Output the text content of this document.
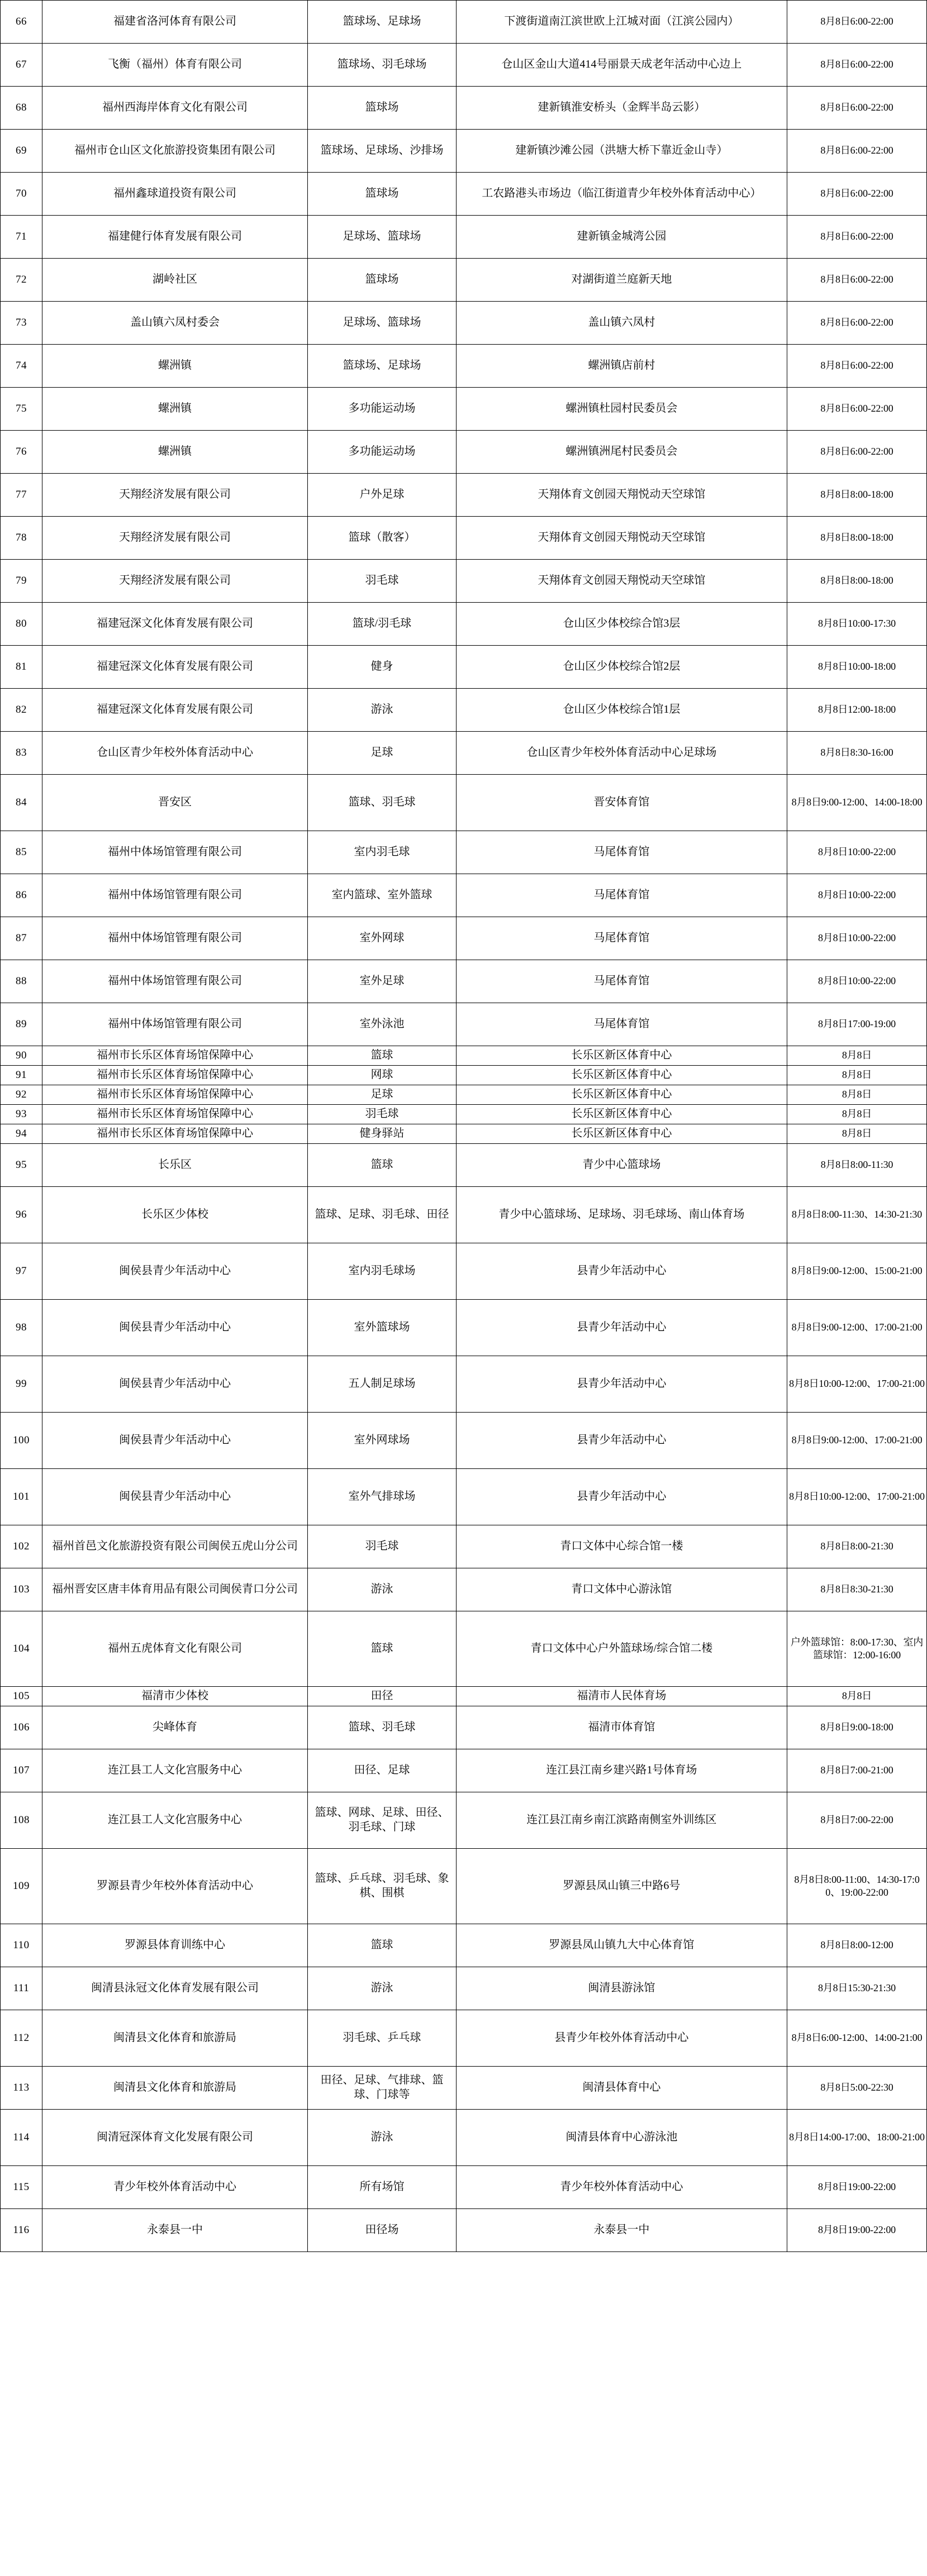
66	福建省洛河体育有限公司	篮球场、足球场	下渡街道南江滨世欧上江城对面（江滨公园内）	8月8日6:00-22:00
67	飞衡（福州）体育有限公司	篮球场、羽毛球场	仓山区金山大道414号丽景天成老年活动中心边上	8月8日6:00-22:00
68	福州西海岸体育文化有限公司	篮球场	建新镇淮安桥头（金辉半岛云影）	8月8日6:00-22:00
69	福州市仓山区文化旅游投资集团有限公司	篮球场、足球场、沙排场	建新镇沙滩公园（洪塘大桥下靠近金山寺）	8月8日6:00-22:00
70	福州鑫球道投资有限公司	篮球场	工农路港头市场边（临江街道青少年校外体育活动中心）	8月8日6:00-22:00
71	福建健行体育发展有限公司	足球场、篮球场	建新镇金城湾公园	8月8日6:00-22:00
72	湖岭社区	篮球场	对湖街道兰庭新天地	8月8日6:00-22:00
73	盖山镇六凤村委会	足球场、篮球场	盖山镇六凤村	8月8日6:00-22:00
74	螺洲镇	篮球场、足球场	螺洲镇店前村	8月8日6:00-22:00
75	螺洲镇	多功能运动场	螺洲镇杜园村民委员会	8月8日6:00-22:00
76	螺洲镇	多功能运动场	螺洲镇洲尾村民委员会	8月8日6:00-22:00
77	天翔经济发展有限公司	户外足球	天翔体育文创园天翔悦动天空球馆	8月8日8:00-18:00
78	天翔经济发展有限公司	篮球（散客）	天翔体育文创园天翔悦动天空球馆	8月8日8:00-18:00
79	天翔经济发展有限公司	羽毛球	天翔体育文创园天翔悦动天空球馆	8月8日8:00-18:00
80	福建冠深文化体育发展有限公司	篮球/羽毛球	仓山区少体校综合馆3层	8月8日10:00-17:30
81	福建冠深文化体育发展有限公司	健身	仓山区少体校综合馆2层	8月8日10:00-18:00
82	福建冠深文化体育发展有限公司	游泳	仓山区少体校综合馆1层	8月8日12:00-18:00
83	仓山区青少年校外体育活动中心	足球	仓山区青少年校外体育活动中心足球场	8月8日8:30-16:00
84	晋安区	篮球、羽毛球	晋安体育馆	8月8日9:00-12:00、14:00-18:00
85	福州中体场馆管理有限公司	室内羽毛球	马尾体育馆	8月8日10:00-22:00
86	福州中体场馆管理有限公司	室内篮球、室外篮球	马尾体育馆	8月8日10:00-22:00
87	福州中体场馆管理有限公司	室外网球	马尾体育馆	8月8日10:00-22:00
88	福州中体场馆管理有限公司	室外足球	马尾体育馆	8月8日10:00-22:00
89	福州中体场馆管理有限公司	室外泳池	马尾体育馆	8月8日17:00-19:00
90	福州市长乐区体育场馆保障中心	篮球	长乐区新区体育中心	8月8日
91	福州市长乐区体育场馆保障中心	网球	长乐区新区体育中心	8月8日
92	福州市长乐区体育场馆保障中心	足球	长乐区新区体育中心	8月8日
93	福州市长乐区体育场馆保障中心	羽毛球	长乐区新区体育中心	8月8日
94	福州市长乐区体育场馆保障中心	健身驿站	长乐区新区体育中心	8月8日
95	长乐区	篮球	青少中心篮球场	8月8日8:00-11:30
96	长乐区少体校	篮球、足球、羽毛球、田径	青少中心篮球场、足球场、羽毛球场、南山体育场	8月8日8:00-11:30、14:30-21:30
97	闽侯县青少年活动中心	室内羽毛球场	县青少年活动中心	8月8日9:00-12:00、15:00-21:00
98	闽侯县青少年活动中心	室外篮球场	县青少年活动中心	8月8日9:00-12:00、17:00-21:00
99	闽侯县青少年活动中心	五人制足球场	县青少年活动中心	8月8日10:00-12:00、17:00-21:00
100	闽侯县青少年活动中心	室外网球场	县青少年活动中心	8月8日9:00-12:00、17:00-21:00
101	闽侯县青少年活动中心	室外气排球场	县青少年活动中心	8月8日10:00-12:00、17:00-21:00
102	福州首邑文化旅游投资有限公司闽侯五虎山分公司	羽毛球	青口文体中心综合馆一楼	8月8日8:00-21:30
103	福州晋安区唐丰体育用品有限公司闽侯青口分公司	游泳	青口文体中心游泳馆	8月8日8:30-21:30
104	福州五虎体育文化有限公司	篮球	青口文体中心户外篮球场/综合馆二楼	户外篮球馆：8:00-17:30、室内篮球馆：12:00-16:00
105	福清市少体校	田径	福清市人民体育场	8月8日
106	尖峰体育	篮球、羽毛球	福清市体育馆	8月8日9:00-18:00
107	连江县工人文化宫服务中心	田径、足球	连江县江南乡建兴路1号体育场	8月8日7:00-21:00
108	连江县工人文化宫服务中心	篮球、网球、足球、田径、羽毛球、门球	连江县江南乡南江滨路南侧室外训练区	8月8日7:00-22:00
109	罗源县青少年校外体育活动中心	篮球、乒乓球、羽毛球、象棋、围棋	罗源县凤山镇三中路6号	8月8日8:00-11:00、14:30-17:00、19:00-22:00
110	罗源县体育训练中心	篮球	罗源县凤山镇九大中心体育馆	8月8日8:00-12:00
111	闽清县泳冠文化体育发展有限公司	游泳	闽清县游泳馆	8月8日15:30-21:30
112	闽清县文化体育和旅游局	羽毛球、乒乓球	县青少年校外体育活动中心	8月8日6:00-12:00、14:00-21:00
113	闽清县文化体育和旅游局	田径、足球、气排球、篮球、门球等	闽清县体育中心	8月8日5:00-22:30
114	闽清冠深体育文化发展有限公司	游泳	闽清县体育中心游泳池	8月8日14:00-17:00、18:00-21:00
115	青少年校外体育活动中心	所有场馆	青少年校外体育活动中心	8月8日19:00-22:00
116	永泰县一中	田径场	永泰县一中	8月8日19:00-22:00
